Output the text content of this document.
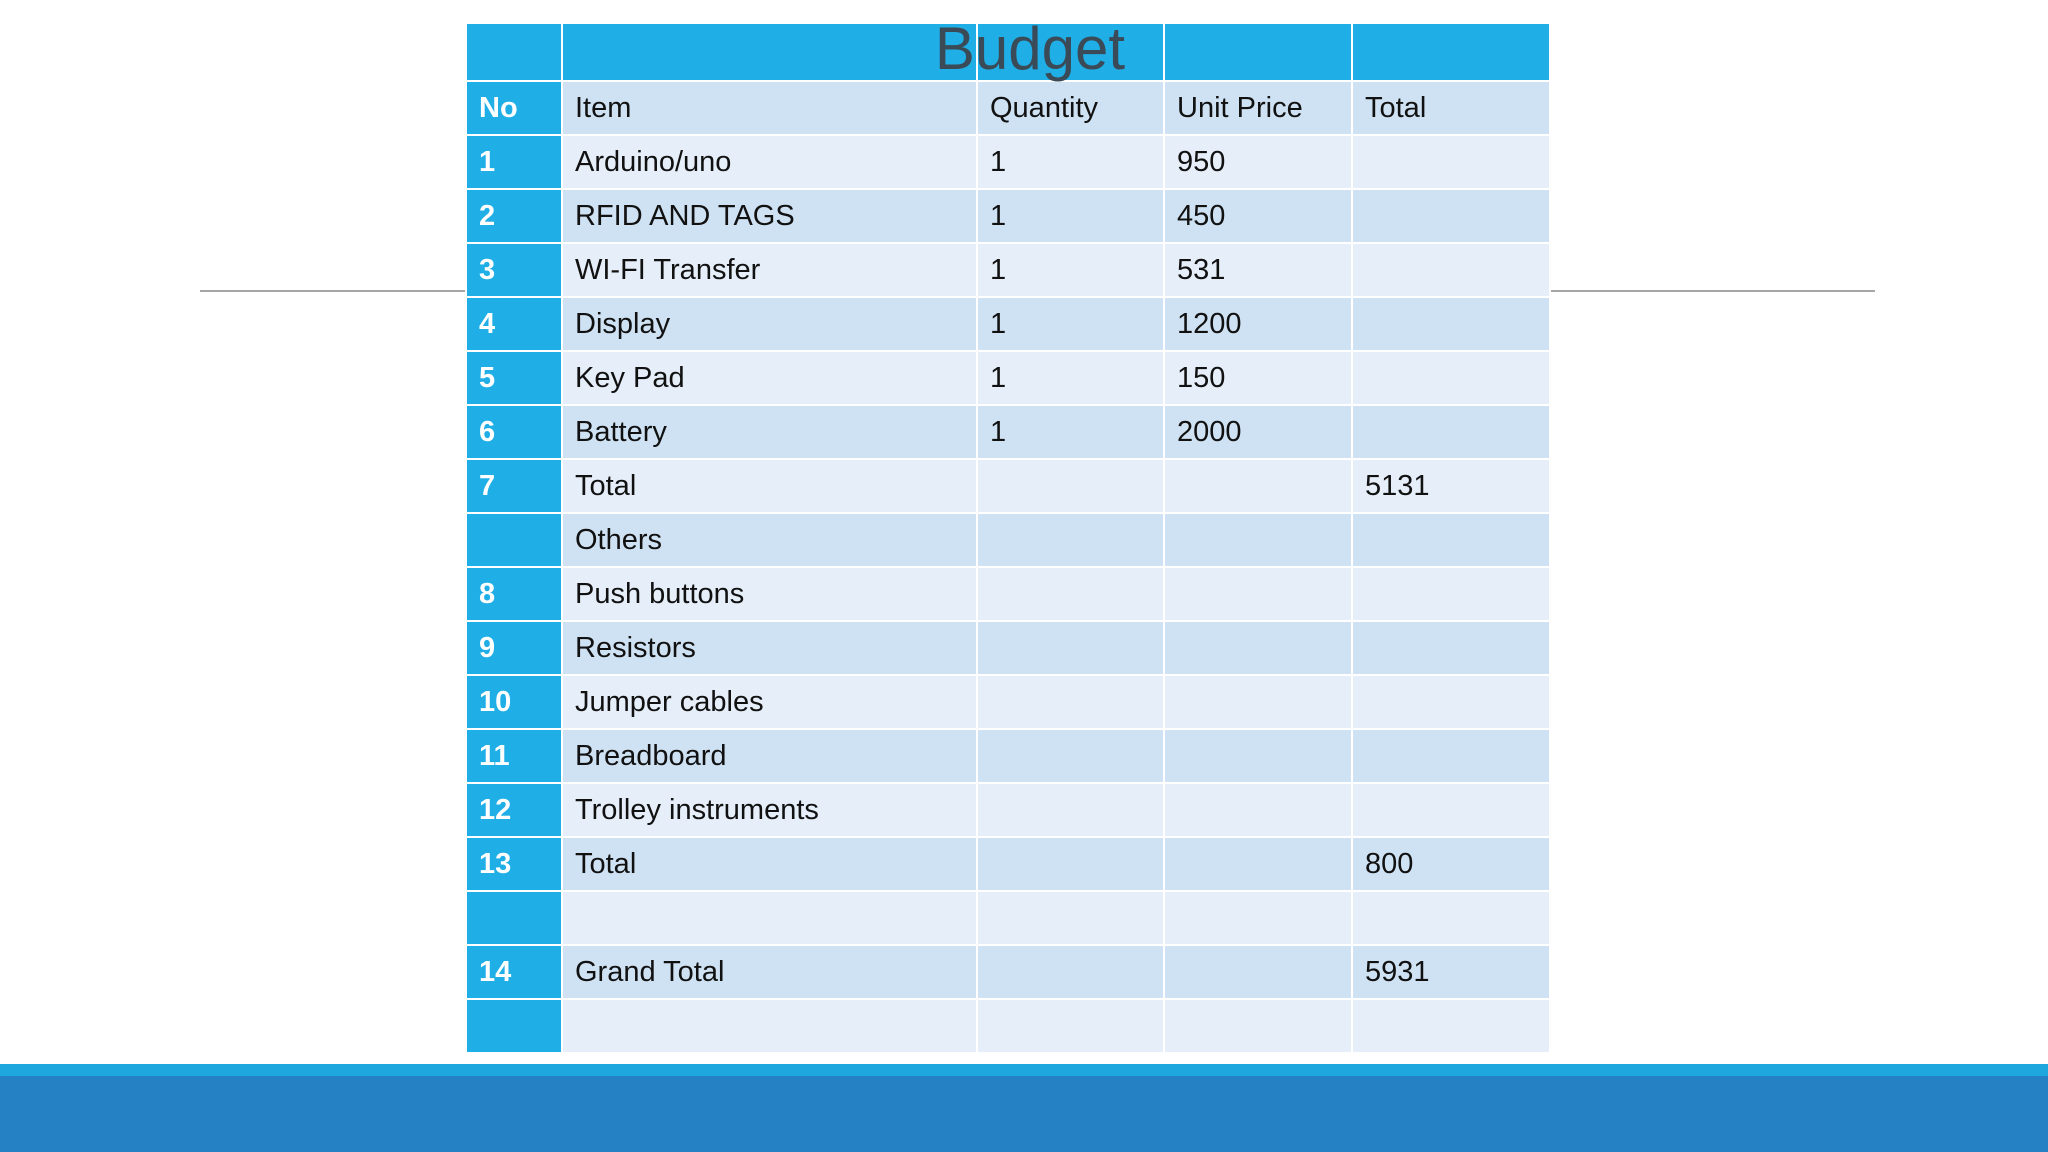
No	Item	Quantity	Unit Price	Total
1	Arduino/uno	1	950	
2	RFID AND TAGS	1	450	
3	WI-FI Transfer	1	531	
4	Display	1	1200	
5	Key Pad	1	150	
6	Battery	1	2000	
7	Total			5131
	Others			
8	Push buttons			
9	Resistors			
10	Jumper cables			
11	Breadboard			
12	Trolley instruments			
13	Total			800

14	Grand Total			5931

Budget
